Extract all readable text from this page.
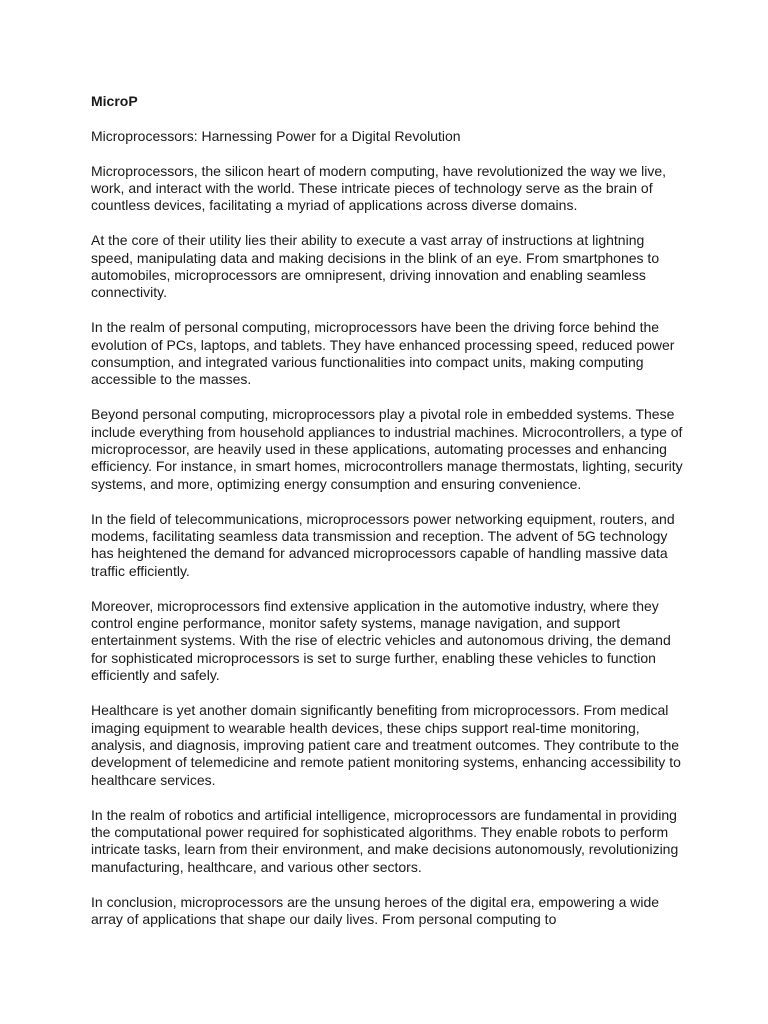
MicroP
Microprocessors: Harnessing Power for a Digital Revolution

Microprocessors, the silicon heart of modern computing, have revolutionized the way we live, work, and interact with the world. These intricate pieces of technology serve as the brain of countless devices, facilitating a myriad of applications across diverse domains.

At the core of their utility lies their ability to execute a vast array of instructions at lightning speed, manipulating data and making decisions in the blink of an eye. From smartphones to automobiles, microprocessors are omnipresent, driving innovation and enabling seamless connectivity.

In the realm of personal computing, microprocessors have been the driving force behind the evolution of PCs, laptops, and tablets. They have enhanced processing speed, reduced power consumption, and integrated various functionalities into compact units, making computing accessible to the masses.

Beyond personal computing, microprocessors play a pivotal role in embedded systems. These include everything from household appliances to industrial machines. Microcontrollers, a type of microprocessor, are heavily used in these applications, automating processes and enhancing efficiency. For instance, in smart homes, microcontrollers manage thermostats, lighting, security systems, and more, optimizing energy consumption and ensuring convenience.

In the field of telecommunications, microprocessors power networking equipment, routers, and modems, facilitating seamless data transmission and reception. The advent of 5G technology has heightened the demand for advanced microprocessors capable of handling massive data traffic efficiently.

Moreover, microprocessors find extensive application in the automotive industry, where they control engine performance, monitor safety systems, manage navigation, and support entertainment systems. With the rise of electric vehicles and autonomous driving, the demand for sophisticated microprocessors is set to surge further, enabling these vehicles to function efficiently and safely.

Healthcare is yet another domain significantly benefiting from microprocessors. From medical imaging equipment to wearable health devices, these chips support real-time monitoring, analysis, and diagnosis, improving patient care and treatment outcomes. They contribute to the development of telemedicine and remote patient monitoring systems, enhancing accessibility to healthcare services.

In the realm of robotics and artificial intelligence, microprocessors are fundamental in providing the computational power required for sophisticated algorithms. They enable robots to perform intricate tasks, learn from their environment, and make decisions autonomously, revolutionizing manufacturing, healthcare, and various other sectors.

In conclusion, microprocessors are the unsung heroes of the digital era, empowering a wide array of applications that shape our daily lives. From personal computing to
